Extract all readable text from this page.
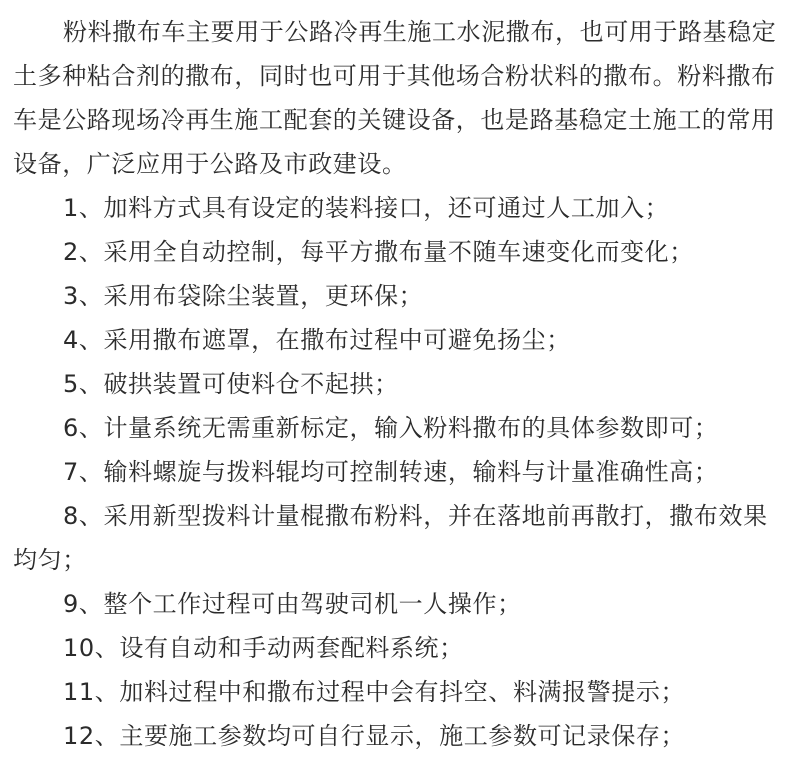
粉料撒布车主要用于公路冷再生施工水泥撒布，也可用于路基稳定土多种粘合剂的撒布，同时也可用于其他场合粉状料的撒布。粉料撒布车是公路现场冷再生施工配套的关键设备，也是路基稳定土施工的常用设备，广泛应用于公路及市政建设。

1、加料方式具有设定的装料接口，还可通过人工加入；

2、采用全自动控制，每平方撒布量不随车速变化而变化；

3、采用布袋除尘装置，更环保；

4、采用撒布遮罩，在撒布过程中可避免扬尘；

5、破拱装置可使料仓不起拱；

6、计量系统无需重新标定，输入粉料撒布的具体参数即可；

7、输料螺旋与拨料辊均可控制转速，输料与计量准确性高；

8、采用新型拨料计量棍撒布粉料，并在落地前再散打，撒布效果均匀；

9、整个工作过程可由驾驶司机一人操作；

10、设有自动和手动两套配料系统；

11、加料过程中和撒布过程中会有抖空、料满报警提示；

12、主要施工参数均可自行显示，施工参数可记录保存；
